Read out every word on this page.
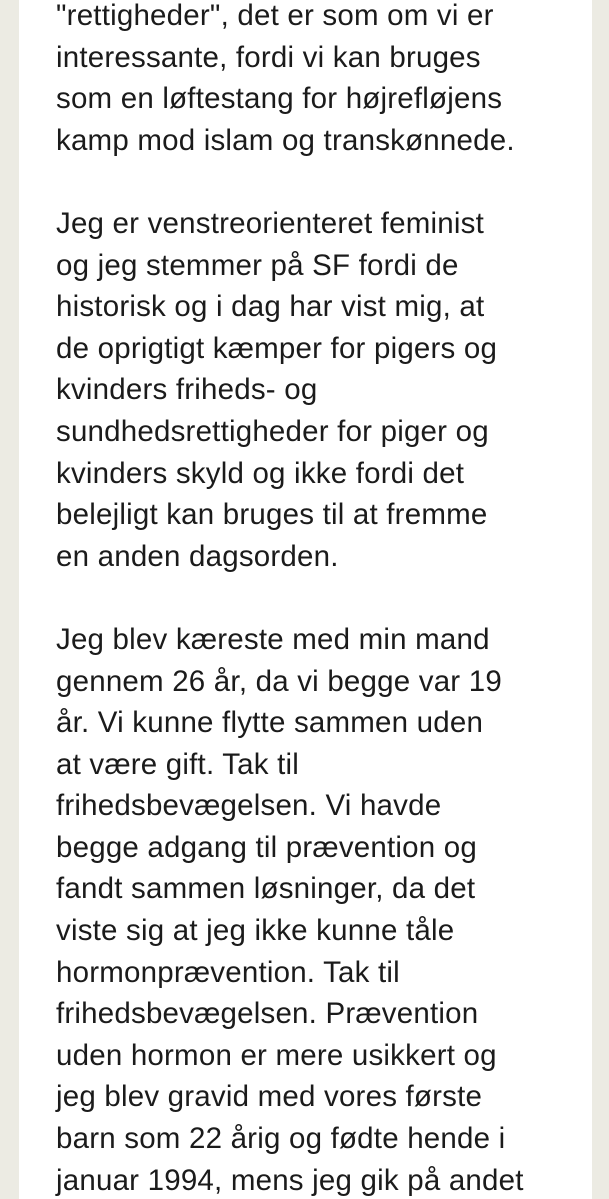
"rettigheder", det er som om vi er
interessante, fordi vi kan bruges
som en løftestang for højrefløjens
kamp mod islam og transkønnede.

Jeg er venstreorienteret feminist
og jeg stemmer på SF fordi de
historisk og i dag har vist mig, at
de oprigtigt kæmper for pigers og
kvinders friheds- og
sundhedsrettigheder for piger og
kvinders skyld og ikke fordi det
belejligt kan bruges til at fremme
en anden dagsorden.

Jeg blev kæreste med min mand
gennem 26 år, da vi begge var 19
år. Vi kunne flytte sammen uden
at være gift. Tak til
frihedsbevægelsen. Vi havde
begge adgang til prævention og
fandt sammen løsninger, da det
viste sig at jeg ikke kunne tåle
hormonprævention. Tak til
frihedsbevægelsen. Prævention
uden hormon er mere usikkert og
jeg blev gravid med vores første
barn som 22 årig og fødte hende i
januar 1994, mens jeg gik på andet
